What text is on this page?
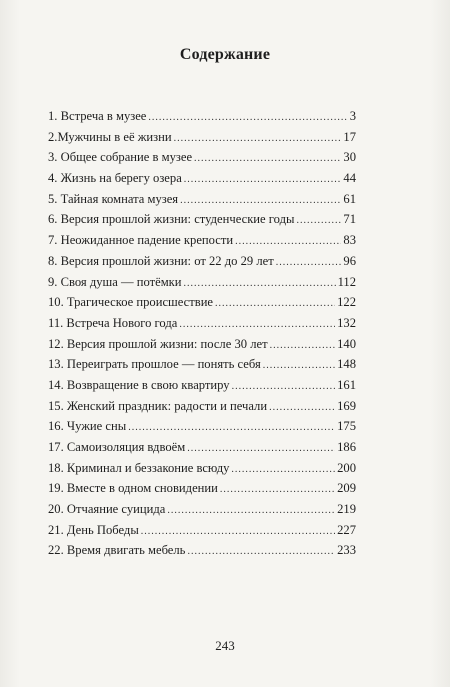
Содержание
1. Встреча в музее .....	3
2.Мужчины в её жизни .....	17
3. Общее собрание в музее .....	30
4. Жизнь на берегу озера .....	44
5. Тайная комната музея .....	61
6. Версия прошлой жизни: студенческие годы .....	71
7. Неожиданное падение крепости .....	83
8. Версия прошлой жизни: от 22 до 29 лет .....	96
9. Своя душа — потёмки .....	112
10. Трагическое происшествие .....	122
11. Встреча Нового года .....	132
12. Версия прошлой жизни: после 30 лет .....	140
13. Переиграть прошлое — понять себя .....	148
14. Возвращение в свою квартиру .....	161
15. Женский праздник: радости и печали .....	169
16. Чужие сны .....	175
17. Самоизоляция вдвоём .....	186
18. Криминал и беззаконие всюду .....	200
19. Вместе в одном сновидении .....	209
20. Отчаяние суицида .....	219
21. День Победы .....	227
22. Время двигать мебель .....	233
243
